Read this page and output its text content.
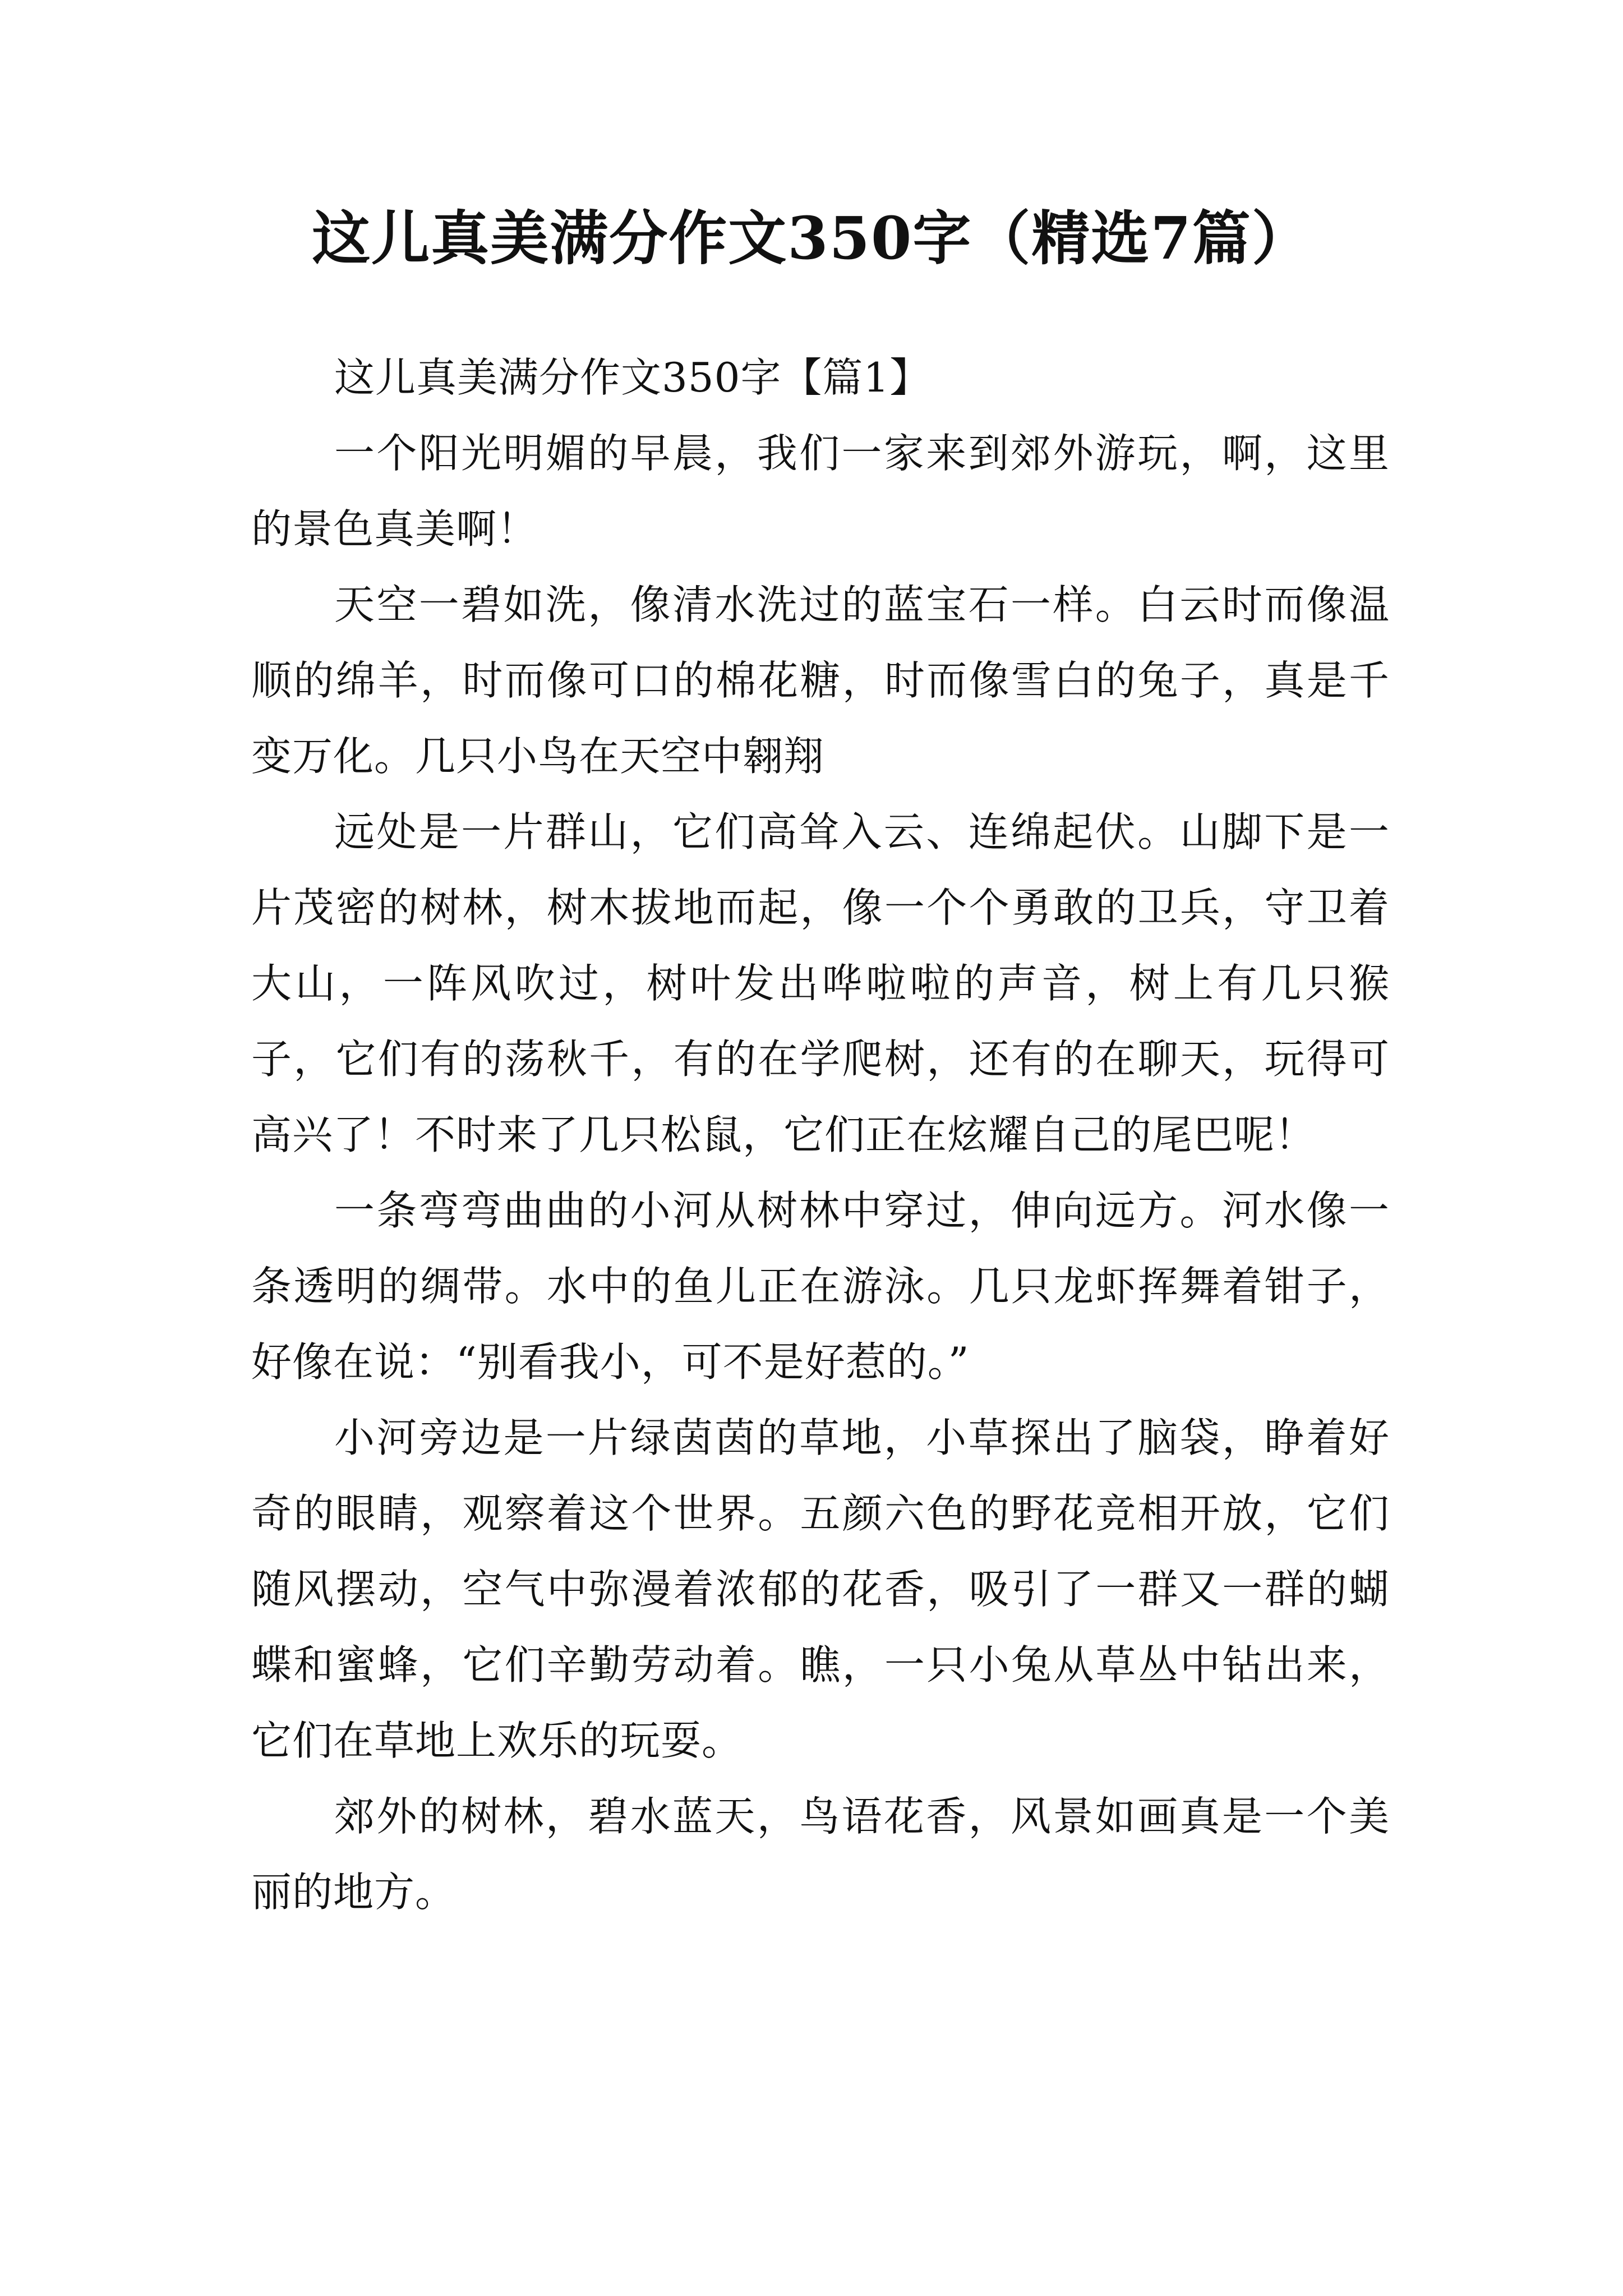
这儿真美满分作文350字（精选7篇）

这儿真美满分作文350字【篇1】

一个阳光明媚的早晨，我们一家来到郊外游玩，啊，这里的景色真美啊！

天空一碧如洗，像清水洗过的蓝宝石一样。白云时而像温顺的绵羊，时而像可口的棉花糖，时而像雪白的兔子，真是千变万化。几只小鸟在天空中翱翔

远处是一片群山，它们高耸入云、连绵起伏。山脚下是一片茂密的树林，树木拔地而起，像一个个勇敢的卫兵，守卫着大山，一阵风吹过，树叶发出哗啦啦的声音，树上有几只猴子，它们有的荡秋千，有的在学爬树，还有的在聊天，玩得可高兴了！不时来了几只松鼠，它们正在炫耀自己的尾巴呢！

一条弯弯曲曲的小河从树林中穿过，伸向远方。河水像一条透明的绸带。水中的鱼儿正在游泳。几只龙虾挥舞着钳子，好像在说：“别看我小，可不是好惹的。”

小河旁边是一片绿茵茵的草地，小草探出了脑袋，睁着好奇的眼睛，观察着这个世界。五颜六色的野花竞相开放，它们随风摆动，空气中弥漫着浓郁的花香，吸引了一群又一群的蝴蝶和蜜蜂，它们辛勤劳动着。瞧，一只小兔从草丛中钻出来，它们在草地上欢乐的玩耍。

郊外的树林，碧水蓝天，鸟语花香，风景如画真是一个美丽的地方。
